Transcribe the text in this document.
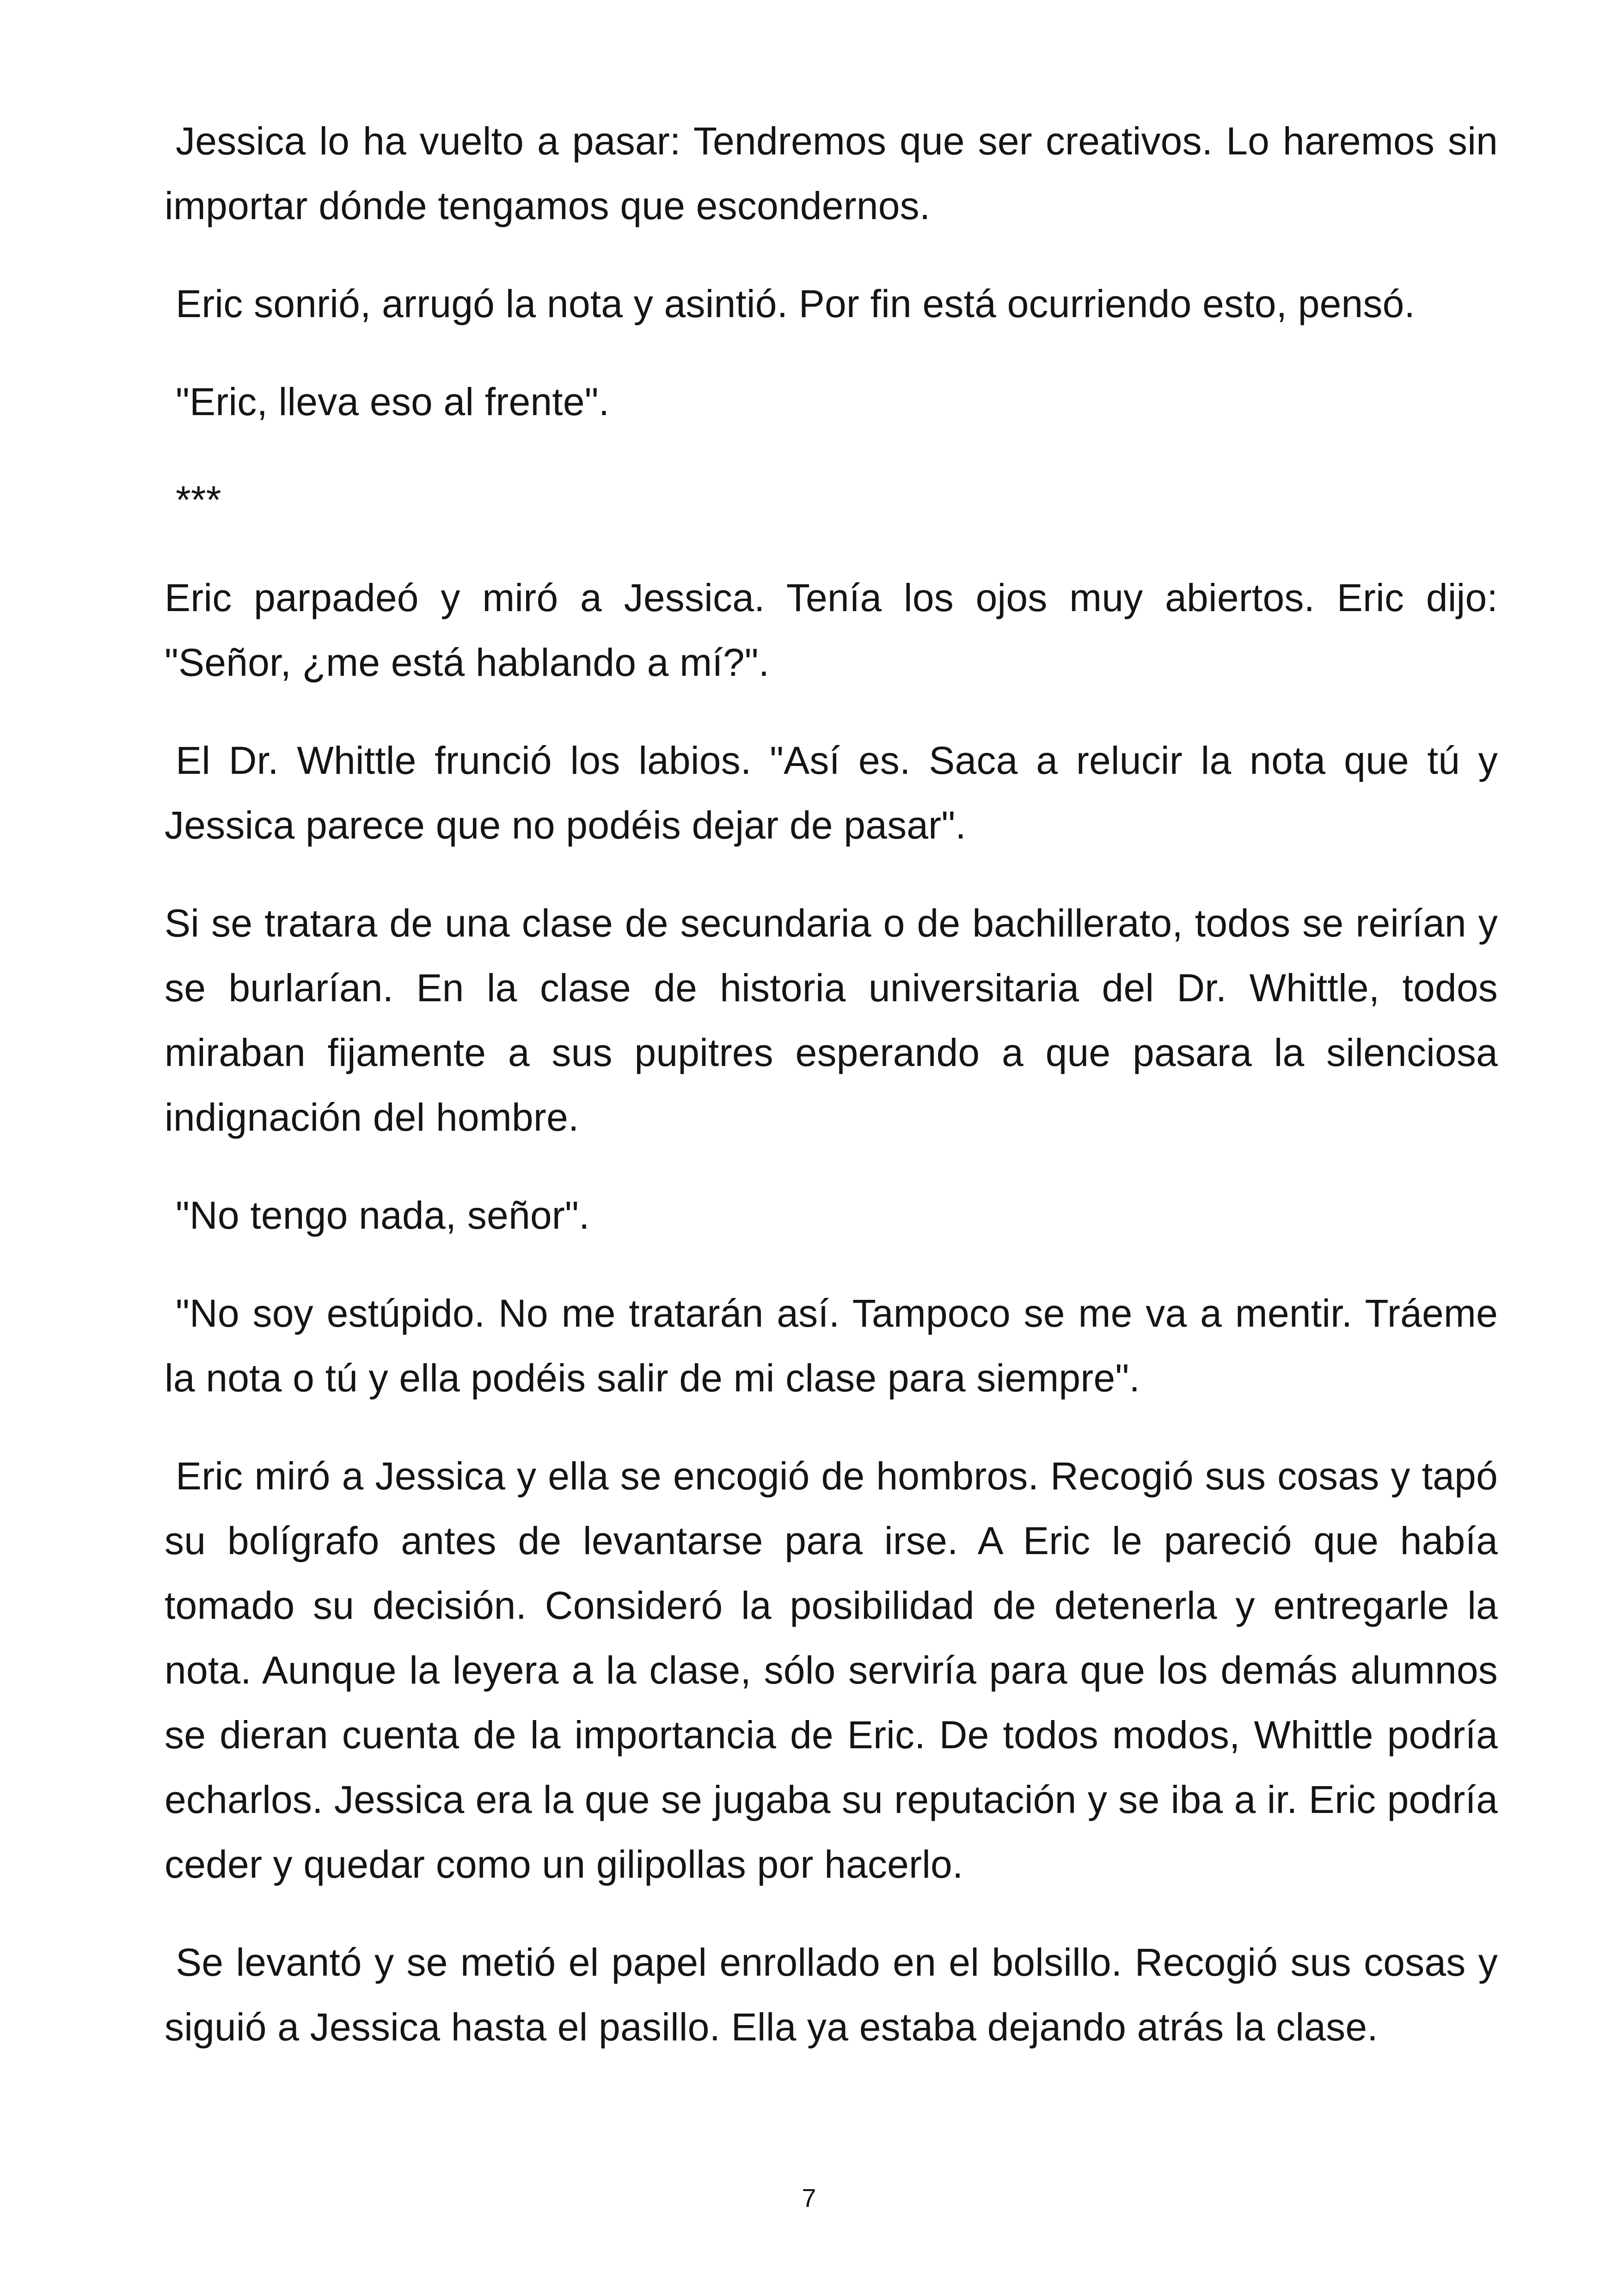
Jessica lo ha vuelto a pasar: Tendremos que ser creativos. Lo haremos sin importar dónde tengamos que escondernos.

Eric sonrió, arrugó la nota y asintió. Por fin está ocurriendo esto, pensó.

"Eric, lleva eso al frente".

***

Eric parpadeó y miró a Jessica. Tenía los ojos muy abiertos. Eric dijo: "Señor, ¿me está hablando a mí?".

El Dr. Whittle frunció los labios. "Así es. Saca a relucir la nota que tú y Jessica parece que no podéis dejar de pasar".

Si se tratara de una clase de secundaria o de bachillerato, todos se reirían y se burlarían. En la clase de historia universitaria del Dr. Whittle, todos miraban fijamente a sus pupitres esperando a que pasara la silenciosa indignación del hombre.

"No tengo nada, señor".

"No soy estúpido. No me tratarán así. Tampoco se me va a mentir. Tráeme la nota o tú y ella podéis salir de mi clase para siempre".

Eric miró a Jessica y ella se encogió de hombros. Recogió sus cosas y tapó su bolígrafo antes de levantarse para irse. A Eric le pareció que había tomado su decisión. Consideró la posibilidad de detenerla y entregarle la nota. Aunque la leyera a la clase, sólo serviría para que los demás alumnos se dieran cuenta de la importancia de Eric. De todos modos, Whittle podría echarlos. Jessica era la que se jugaba su reputación y se iba a ir. Eric podría ceder y quedar como un gilipollas por hacerlo.

Se levantó y se metió el papel enrollado en el bolsillo. Recogió sus cosas y siguió a Jessica hasta el pasillo. Ella ya estaba dejando atrás la clase.

7
